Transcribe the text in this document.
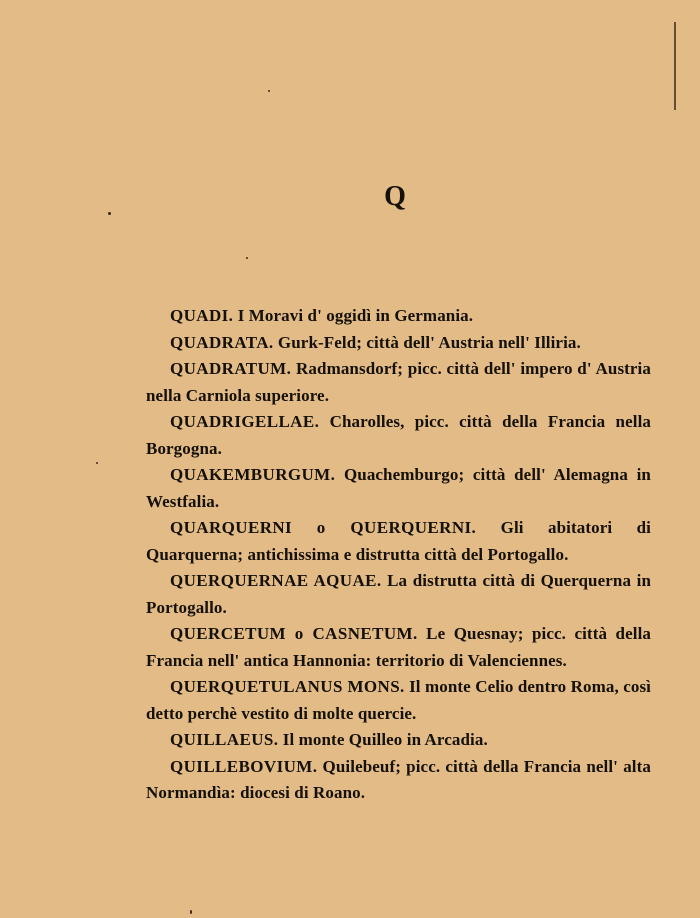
Q
QUADI. I Moravi d' oggidì in Germania.
QUADRATA. Gurk-Feld; città dell' Austria nell' Illiria.
QUADRATUM. Radmansdorf; picc. città dell' impero d' Austria nella Carniola superiore.
QUADRIGELLAE. Charolles, picc. città della Francia nella Borgogna.
QUAKEMBURGUM. Quachemburgo; città dell' Alemagna in Westfalia.
QUARQUERNI o QUERQUERNI. Gli abitatori di Quarquerna; antichissima e distrutta città del Portogallo.
QUERQUERNAE AQUAE. La distrutta città di Querquerna in Portogallo.
QUERCETUM o CASNETUM. Le Quesnay; picc. città della Francia nell' antica Hannonia: territorio di Valenciennes.
QUERQUETULANUS MONS. Il monte Celio dentro Roma, così detto perchè vestito di molte quercie.
QUILLAEUS. Il monte Quilleo in Arcadia.
QUILLEBOVIUM. Quilebeuf; picc. città della Francia nell' alta Normandìa: diocesi di Roano.
